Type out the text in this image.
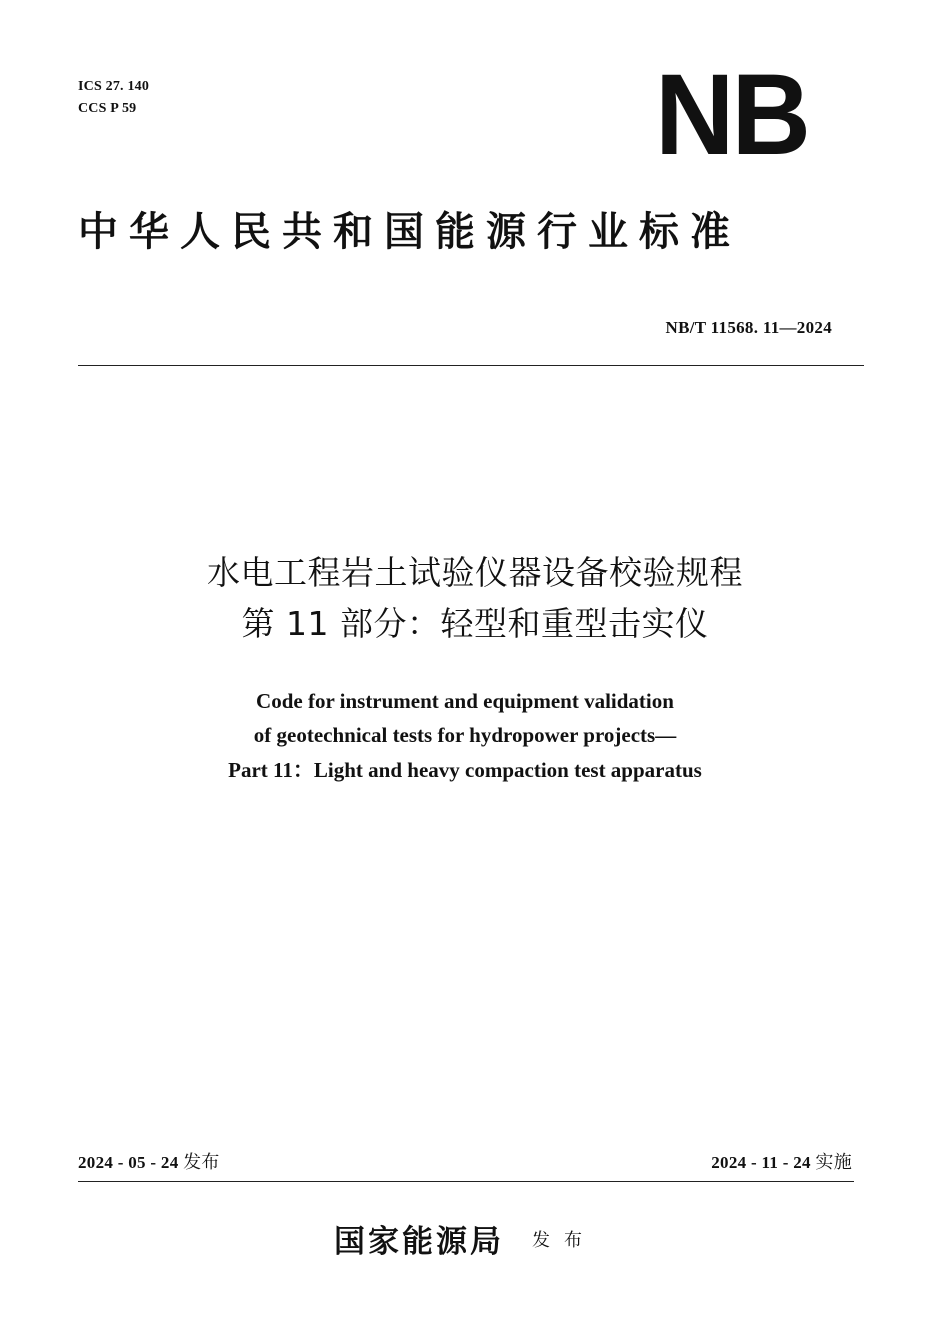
ICS 27. 140
CCS P 59	NB
中华人民共和国能源行业标准
NB/T 11568. 11—2024
水电工程岩土试验仪器设备校验规程
第 11 部分：轻型和重型击实仪
Code for instrument and equipment validation
of geotechnical tests for hydropower projects—
Part 11：Light and heavy compaction test apparatus
2024 - 05 - 24 发布	2024 - 11 - 24 实施
国家能源局 发布
